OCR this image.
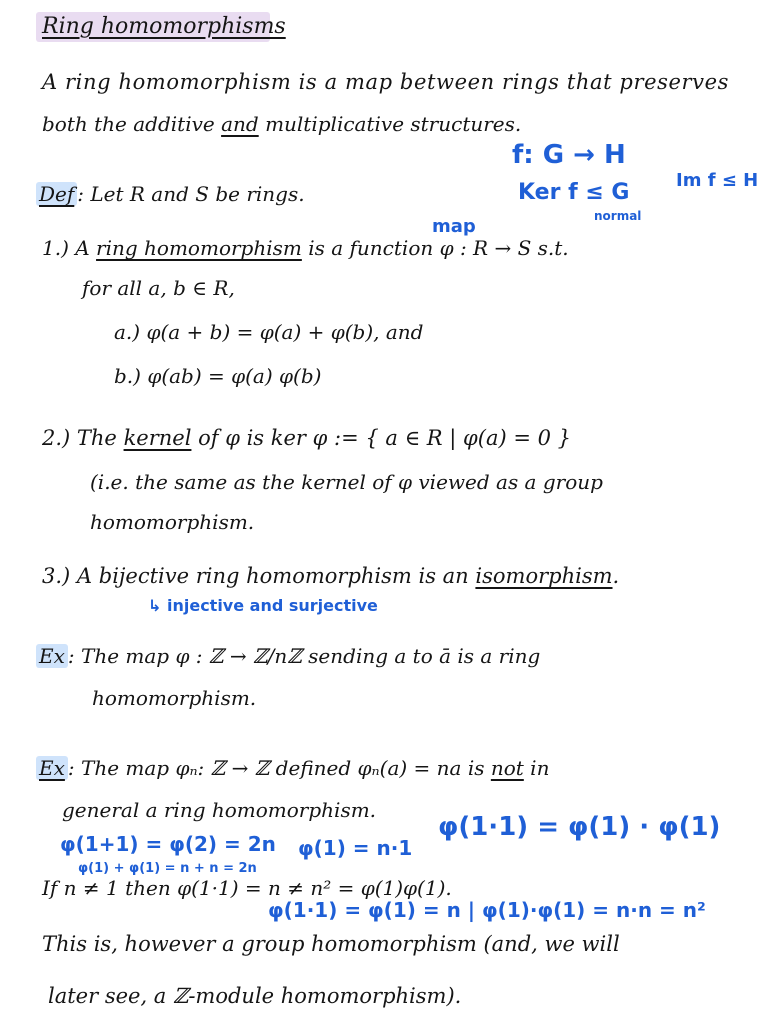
Ring homomorphisms
A ring homomorphism is a map between rings that preserves
both the additive and multiplicative structures.
f: G → H
Ker f ≤ G
normal
Im f ≤ H
Def : Let R and S be rings.
map
1.) A ring homomorphism is a function φ : R → S s.t.
for all a, b ∈ R,
a.) φ(a + b) = φ(a) + φ(b), and
b.) φ(ab) = φ(a) φ(b)
2.) The kernel of φ is ker φ := { a ∈ R | φ(a) = 0 }
(i.e. the same as the kernel of φ viewed as a group
homomorphism.
3.) A bijective ring homomorphism is an isomorphism.
↳ injective and surjective
Ex : The map φ : ℤ → ℤ/nℤ sending a to ā is a ring
homomorphism.
Ex : The map φₙ: ℤ → ℤ defined φₙ(a) = na is not in
general a ring homomorphism.
φ(1+1) = φ(2) = 2n φ(1) = n·1
φ(1·1) = φ(1) · φ(1)
φ(1) + φ(1) = n + n = 2n
If n ≠ 1 then φ(1·1) = n ≠ n² = φ(1)φ(1).
φ(1·1) = φ(1) = n | φ(1)·φ(1) = n·n = n²
This is, however a group homomorphism (and, we will
later see, a ℤ-module homomorphism).
